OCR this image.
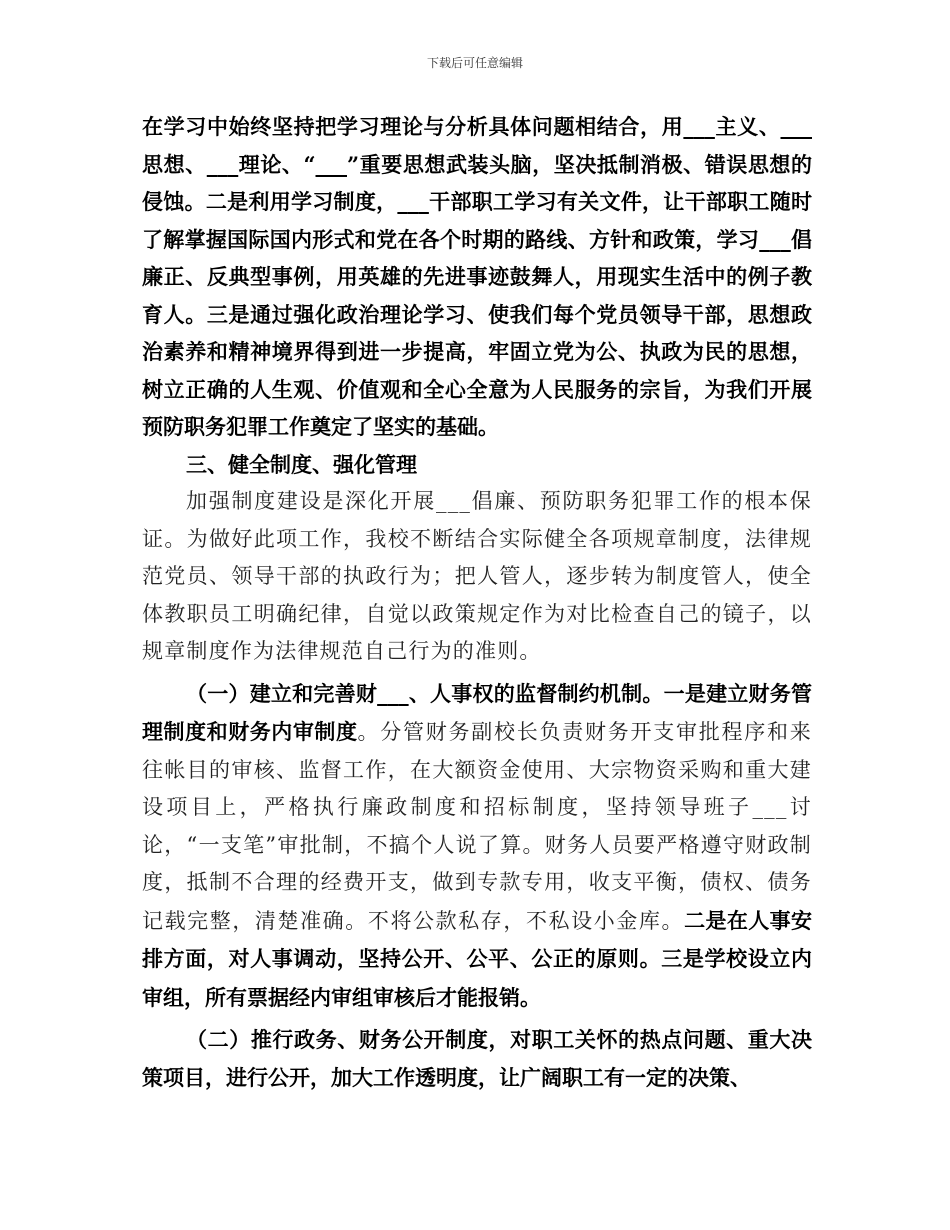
下载后可任意编辑

在学习中始终坚持把学习理论与分析具体问题相结合，用___主义、___思想、___理论、“___”重要思想武装头脑，坚决抵制消极、错误思想的侵蚀。二是利用学习制度，___干部职工学习有关文件，让干部职工随时了解掌握国际国内形式和党在各个时期的路线、方针和政策，学习___倡廉正、反典型事例，用英雄的先进事迹鼓舞人，用现实生活中的例子教育人。三是通过强化政治理论学习、使我们每个党员领导干部，思想政治素养和精神境界得到进一步提高，牢固立党为公、执政为民的思想，树立正确的人生观、价值观和全心全意为人民服务的宗旨，为我们开展预防职务犯罪工作奠定了坚实的基础。

三、健全制度、强化管理

加强制度建设是深化开展___倡廉、预防职务犯罪工作的根本保证。为做好此项工作，我校不断结合实际健全各项规章制度，法律规范党员、领导干部的执政行为；把人管人，逐步转为制度管人，使全体教职员工明确纪律，自觉以政策规定作为对比检查自己的镜子，以规章制度作为法律规范自己行为的准则。

（一）建立和完善财___、人事权的监督制约机制。一是建立财务管理制度和财务内审制度。分管财务副校长负责财务开支审批程序和来往帐目的审核、监督工作，在大额资金使用、大宗物资采购和重大建设项目上，严格执行廉政制度和招标制度，坚持领导班子___讨论，“一支笔”审批制，不搞个人说了算。财务人员要严格遵守财政制度，抵制不合理的经费开支，做到专款专用，收支平衡，债权、债务记载完整，清楚准确。不将公款私存，不私设小金库。二是在人事安排方面，对人事调动，坚持公开、公平、公正的原则。三是学校设立内审组，所有票据经内审组审核后才能报销。

（二）推行政务、财务公开制度，对职工关怀的热点问题、重大决策项目，进行公开，加大工作透明度，让广阔职工有一定的决策、
